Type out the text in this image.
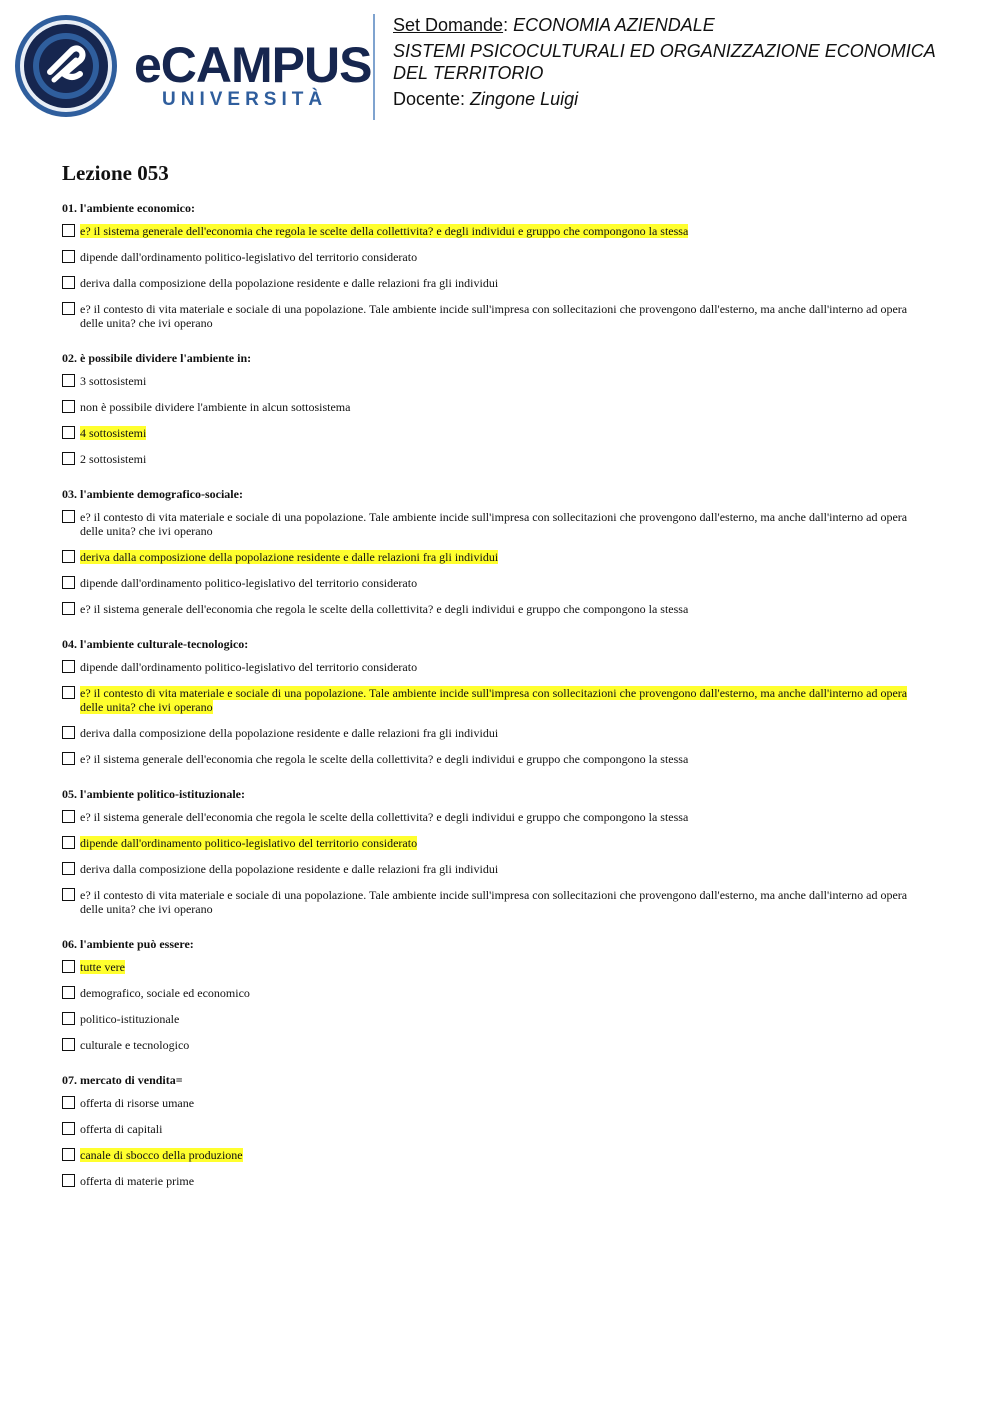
eCAMPUS
UNIVERSITÀ

Set Domande: ECONOMIA AZIENDALE

SISTEMI PSICOCULTURALI ED ORGANIZZAZIONE ECONOMICA

DEL TERRITORIO

Docente: Zingone Luigi

Lezione 053
01. l'ambiente economico:
e? il sistema generale dell'economia che regola le scelte della collettivita? e degli individui e gruppo che compongono la stessa
dipende dall'ordinamento politico-legislativo del territorio considerato
deriva dalla composizione della popolazione residente e dalle relazioni fra gli individui
e? il contesto di vita materiale e sociale di una popolazione. Tale ambiente incide sull'impresa con sollecitazioni che provengono dall'esterno, ma anche dall'interno ad opera delle unita? che ivi operano
02. è possibile dividere l'ambiente in:
3 sottosistemi
non è possibile dividere l'ambiente in alcun sottosistema
4 sottosistemi
2 sottosistemi
03. l'ambiente demografico-sociale:
e? il contesto di vita materiale e sociale di una popolazione. Tale ambiente incide sull'impresa con sollecitazioni che provengono dall'esterno, ma anche dall'interno ad opera delle unita? che ivi operano
deriva dalla composizione della popolazione residente e dalle relazioni fra gli individui
dipende dall'ordinamento politico-legislativo del territorio considerato
e? il sistema generale dell'economia che regola le scelte della collettivita? e degli individui e gruppo che compongono la stessa
04. l'ambiente culturale-tecnologico:
dipende dall'ordinamento politico-legislativo del territorio considerato
e? il contesto di vita materiale e sociale di una popolazione. Tale ambiente incide sull'impresa con sollecitazioni che provengono dall'esterno, ma anche dall'interno ad opera delle unita? che ivi operano
deriva dalla composizione della popolazione residente e dalle relazioni fra gli individui
e? il sistema generale dell'economia che regola le scelte della collettivita? e degli individui e gruppo che compongono la stessa
05. l'ambiente politico-istituzionale:
e? il sistema generale dell'economia che regola le scelte della collettivita? e degli individui e gruppo che compongono la stessa
dipende dall'ordinamento politico-legislativo del territorio considerato
deriva dalla composizione della popolazione residente e dalle relazioni fra gli individui
e? il contesto di vita materiale e sociale di una popolazione. Tale ambiente incide sull'impresa con sollecitazioni che provengono dall'esterno, ma anche dall'interno ad opera delle unita? che ivi operano
06. l'ambiente può essere:
tutte vere
demografico, sociale ed economico
politico-istituzionale
culturale e tecnologico
07. mercato di vendita=
offerta di risorse umane
offerta di capitali
canale di sbocco della produzione
offerta di materie prime
